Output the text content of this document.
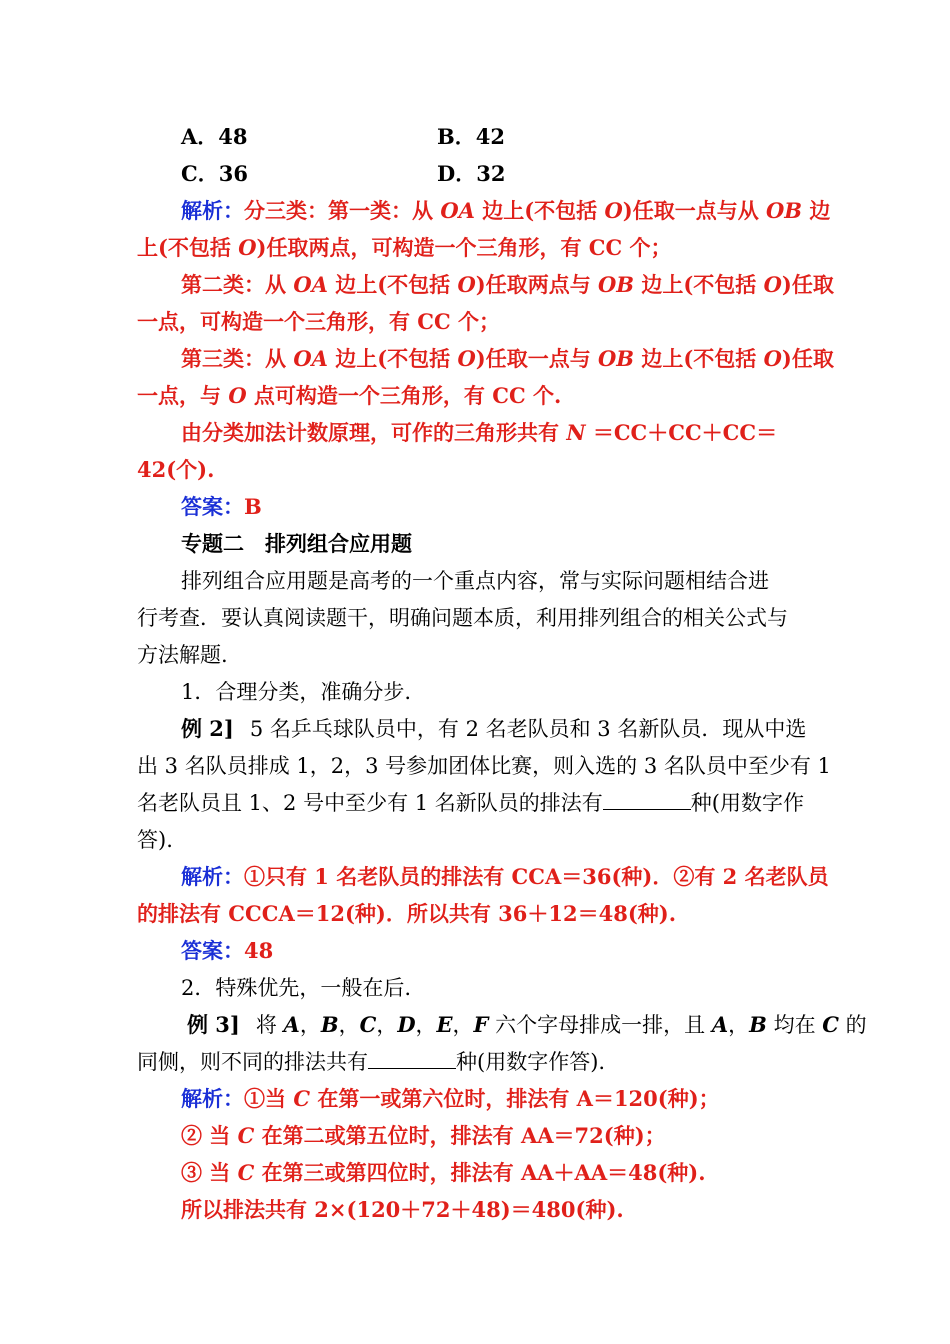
A．48	B．42
C．36	D．32
解析：分三类：第一类：从 OA 边上(不包括 O)任取一点与从 OB 边
上(不包括 O)任取两点，可构造一个三角形，有 CC 个；
第二类：从 OA 边上(不包括 O)任取两点与 OB 边上(不包括 O)任取
一点，可构造一个三角形，有 CC 个；
第三类：从 OA 边上(不包括 O)任取一点与 OB 边上(不包括 O)任取
一点，与 O 点可构造一个三角形，有 CC 个.
由分类加法计数原理，可作的三角形共有 N ＝CC＋CC＋CC＝
42(个).
答案：B
专题二　排列组合应用题
排列组合应用题是高考的一个重点内容，常与实际问题相结合进
行考查．要认真阅读题干，明确问题本质，利用排列组合的相关公式与
方法解题.
1．合理分类，准确分步.
例 2] 5 名乒乓球队员中，有 2 名老队员和 3 名新队员．现从中选
出 3 名队员排成 1，2，3 号参加团体比赛，则入选的 3 名队员中至少有 1
名老队员且 1、2 号中至少有 1 名新队员的排法有	种(用数字作
答).
解析：①只有 1 名老队员的排法有 CCA＝36(种)．②有 2 名老队员
的排法有 CCCA＝12(种)．所以共有 36＋12＝48(种).
答案：48
2．特殊优先，一般在后.
例 3] 将 A，B，C，D，E，F 六个字母排成一排，且 A，B 均在 C 的
同侧，则不同的排法共有	种(用数字作答).
解析：①当 C 在第一或第六位时，排法有 A＝120(种)；
② 当 C 在第二或第五位时，排法有 AA＝72(种)；
③ 当 C 在第三或第四位时，排法有 AA＋AA＝48(种).
所以排法共有 2×(120＋72＋48)＝480(种).
